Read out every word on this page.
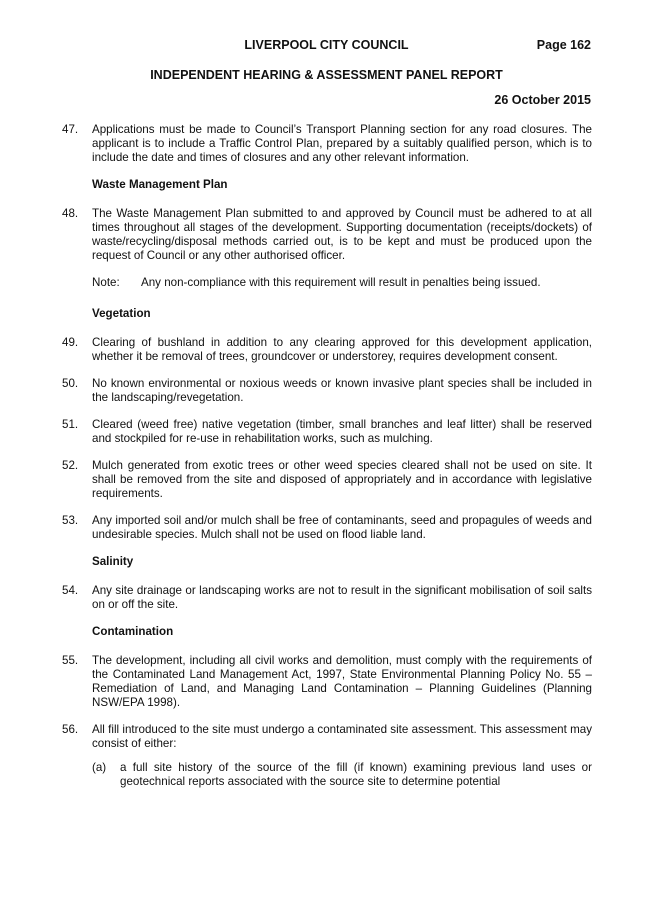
LIVERPOOL CITY COUNCIL	Page 162
INDEPENDENT HEARING & ASSESSMENT PANEL REPORT
26 October 2015
47. Applications must be made to Council’s Transport Planning section for any road closures. The applicant is to include a Traffic Control Plan, prepared by a suitably qualified person, which is to include the date and times of closures and any other relevant information.
Waste Management Plan
48. The Waste Management Plan submitted to and approved by Council must be adhered to at all times throughout all stages of the development. Supporting documentation (receipts/dockets) of waste/recycling/disposal methods carried out, is to be kept and must be produced upon the request of Council or any other authorised officer.
Note: Any non-compliance with this requirement will result in penalties being issued.
Vegetation
49. Clearing of bushland in addition to any clearing approved for this development application, whether it be removal of trees, groundcover or understorey, requires development consent.
50. No known environmental or noxious weeds or known invasive plant species shall be included in the landscaping/revegetation.
51. Cleared (weed free) native vegetation (timber, small branches and leaf litter) shall be reserved and stockpiled for re-use in rehabilitation works, such as mulching.
52. Mulch generated from exotic trees or other weed species cleared shall not be used on site. It shall be removed from the site and disposed of appropriately and in accordance with legislative requirements.
53. Any imported soil and/or mulch shall be free of contaminants, seed and propagules of weeds and undesirable species. Mulch shall not be used on flood liable land.
Salinity
54. Any site drainage or landscaping works are not to result in the significant mobilisation of soil salts on or off the site.
Contamination
55. The development, including all civil works and demolition, must comply with the requirements of the Contaminated Land Management Act, 1997, State Environmental Planning Policy No. 55 – Remediation of Land, and Managing Land Contamination – Planning Guidelines (Planning NSW/EPA 1998).
56. All fill introduced to the site must undergo a contaminated site assessment. This assessment may consist of either:
(a) a full site history of the source of the fill (if known) examining previous land uses or geotechnical reports associated with the source site to determine potential
